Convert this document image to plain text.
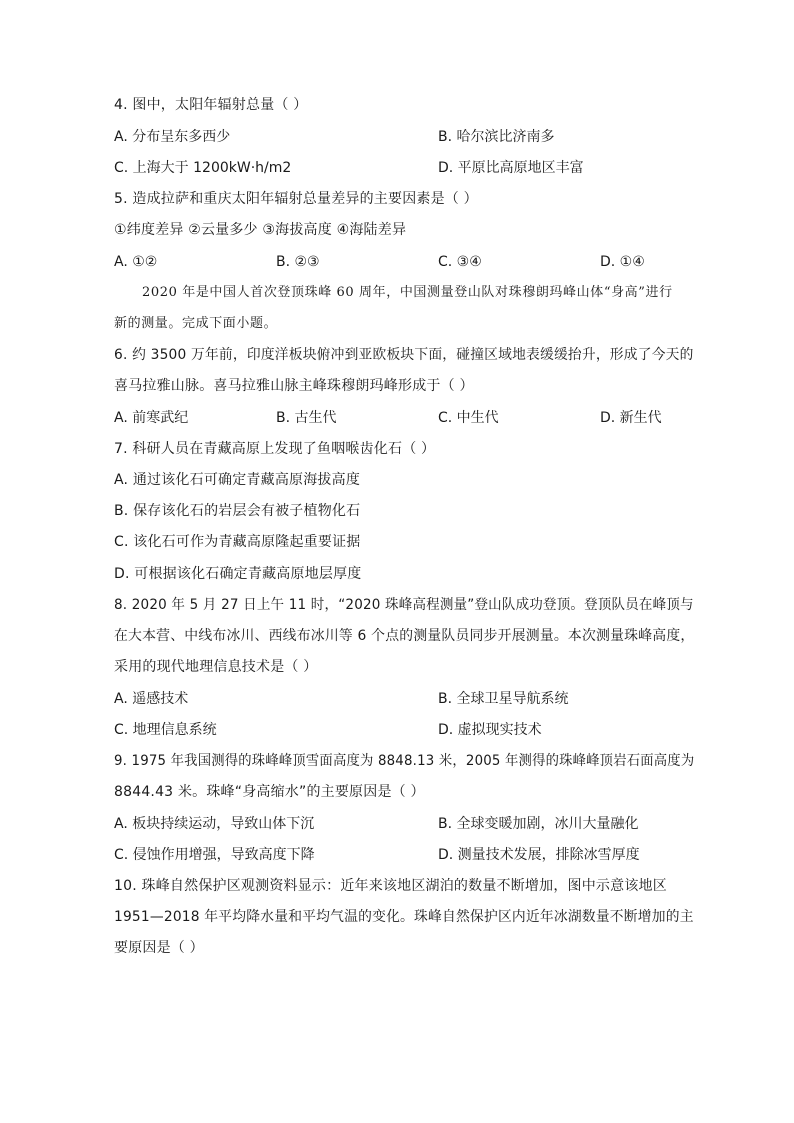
4. 图中，太阳年辐射总量（ ）
A. 分布呈东多西少	B. 哈尔滨比济南多
C. 上海大于 1200kW·h/m2	D. 平原比高原地区丰富
5. 造成拉萨和重庆太阳年辐射总量差异的主要因素是（ ）
①纬度差异 ②云量多少 ③海拔高度 ④海陆差异
A. ①②	B. ②③	C. ③④	D. ①④
2020 年是中国人首次登顶珠峰 60 周年，中国测量登山队对珠穆朗玛峰山体“身高”进行
新的测量。完成下面小题。
6. 约 3500 万年前，印度洋板块俯冲到亚欧板块下面，碰撞区域地表缓缓抬升，形成了今天的
喜马拉雅山脉。喜马拉雅山脉主峰珠穆朗玛峰形成于（ ）
A. 前寒武纪	B. 古生代	C. 中生代	D. 新生代
7. 科研人员在青藏高原上发现了鱼咽喉齿化石（ ）
A. 通过该化石可确定青藏高原海拔高度
B. 保存该化石的岩层会有被子植物化石
C. 该化石可作为青藏高原隆起重要证据
D. 可根据该化石确定青藏高原地层厚度
8. 2020 年 5 月 27 日上午 11 时，“2020 珠峰高程测量”登山队成功登顶。登顶队员在峰顶与
在大本营、中线布冰川、西线布冰川等 6 个点的测量队员同步开展测量。本次测量珠峰高度，
采用的现代地理信息技术是（ ）
A. 遥感技术	B. 全球卫星导航系统
C. 地理信息系统	D. 虚拟现实技术
9. 1975 年我国测得的珠峰峰顶雪面高度为 8848.13 米，2005 年测得的珠峰峰顶岩石面高度为
8844.43 米。珠峰“身高缩水”的主要原因是（ ）
A. 板块持续运动，导致山体下沉	B. 全球变暖加剧，冰川大量融化
C. 侵蚀作用增强，导致高度下降	D. 测量技术发展，排除冰雪厚度
10. 珠峰自然保护区观测资料显示：近年来该地区湖泊的数量不断增加，图中示意该地区
1951—2018 年平均降水量和平均气温的变化。珠峰自然保护区内近年冰湖数量不断增加的主
要原因是（ ）
